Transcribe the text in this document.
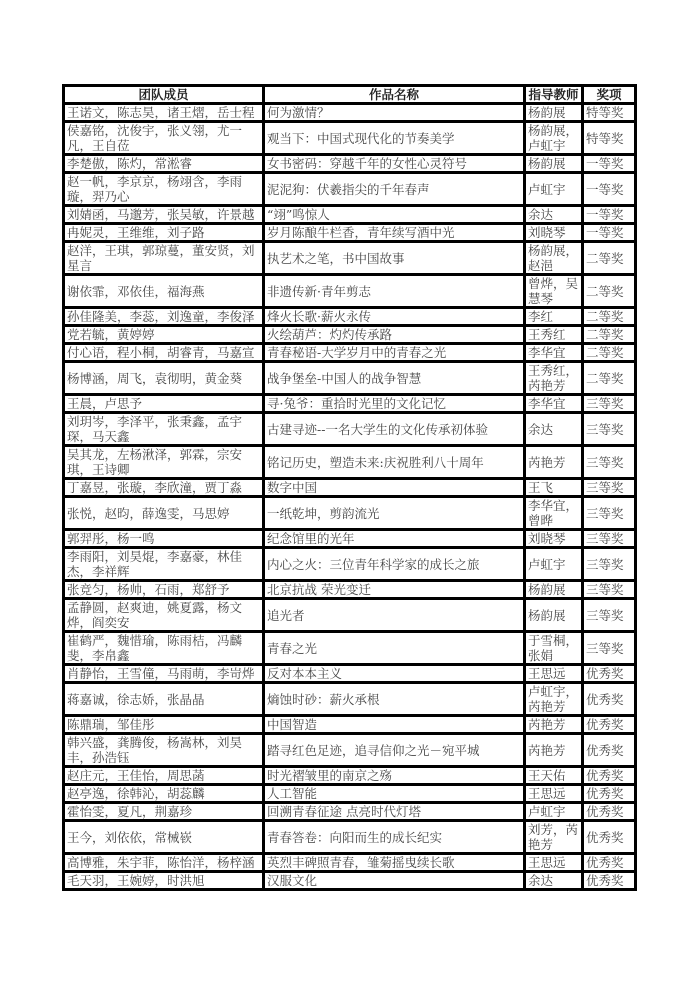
团队成员	作品名称	指导教师	奖项
王诺文，陈志昊，诸王熠，岳士程	何为激情？	杨韵展	特等奖
侯嘉铭，沈俊宇，张义翎，尤一凡，王自莅	观当下：中国式现代化的节奏美学	杨韵展，卢虹宇	特等奖
李楚傲，陈灼，常淞睿	女书密码：穿越千年的女性心灵符号	杨韵展	一等奖
赵一帆，李京京，杨翊含，李雨璇，羿乃心	泥泥狗：伏羲指尖的千年春声	卢虹宇	一等奖
刘婧函，马邈芳，张吴敏，许景越	“翊”鸣惊人	余达	一等奖
冉妮灵，王维维，刘子路	岁月陈酿牛栏香，青年续写酒中光	刘晓琴	一等奖
赵洋，王琪，郭琼蔓，董安贤，刘星言	执艺术之笔，书中国故事	杨韵展，赵浥	二等奖
谢依霏，邓依佳，福海燕	非遗传新·青年剪志	曾烨，吴慧琴	二等奖
孙佳隆美，李蕊，刘逸童，李俊泽	烽火长歌·薪火永传	李红	二等奖
党若毓，黄婷婷	火绘葫芦：灼灼传承路	王秀红	二等奖
付心语，程小桐，胡睿青，马嘉宣	青春秘语-大学岁月中的青春之光	李华宜	二等奖
杨博涵，周飞，袁彻明，黄金葵	战争堡垒-中国人的战争智慧	王秀红，芮艳芳	二等奖
王晨，卢思予	寻·兔爷：重拾时光里的文化记忆	李华宜	三等奖
刘玥岑，李泽平，张秉鑫，孟宇琛，马天鑫	古建寻迹--一名大学生的文化传承初体验	余达	三等奖
吴其龙，左杨湫泽，郭霖，宗安琪，王诗卿	铭记历史，塑造未来:庆祝胜利八十周年	芮艳芳	三等奖
丁嘉昱，张璇，李欣潼，贾丁淼	数字中国	王飞	三等奖
张悦，赵昀，薛逸雯，马思婷	一纸乾坤，剪韵流光	李华宜，曾晔	三等奖
郭羿彤，杨一鸣	纪念馆里的光年	刘晓琴	三等奖
李雨阳，刘昊焜，李嘉豪，林佳杰，李祥辉	内心之火：三位青年科学家的成长之旅	卢虹宇	三等奖
张竞匀，杨帅，石雨，郑舒予	北京抗战 荣光变迁	杨韵展	三等奖
孟静圆，赵爽迪，姚夏露，杨文烨，阎奕安	追光者	杨韵展	三等奖
崔鹤严，魏惜瑜，陈雨桔，冯麟斐，李帛鑫	青春之光	于雪桐，张娟	三等奖
肖静怡，王雪僮，马雨萌，李岢烨	反对本本主义	王思远	优秀奖
蒋嘉诚，徐志娇，张晶晶	熵蚀时砂：薪火承根	卢虹宇，芮艳芳	优秀奖
陈鼎瑞，邹佳彤	中国智造	芮艳芳	优秀奖
韩兴盛，龚腾俊，杨嵩林，刘昊丰，孙浩钰	踏寻红色足迹，追寻信仰之光－宛平城	芮艳芳	优秀奖
赵庄元，王佳怡，周思菡	时光褶皱里的南京之殇	王天佑	优秀奖
赵亭逸，徐韩沁，胡蕊麟	人工智能	王思远	优秀奖
霍怡雯，夏凡，荆嘉珍	回溯青春征途 点亮时代灯塔	卢虹宇	优秀奖
王今，刘依依，常械嵚	青春答卷：向阳而生的成长纪实	刘芳，芮艳芳	优秀奖
高博雅，朱宇菲，陈怡洋，杨梓涵	英烈丰碑照青春，雏菊摇曳续长歌	王思远	优秀奖
毛天羽，王婉婷，时洪旭	汉服文化	余达	优秀奖
